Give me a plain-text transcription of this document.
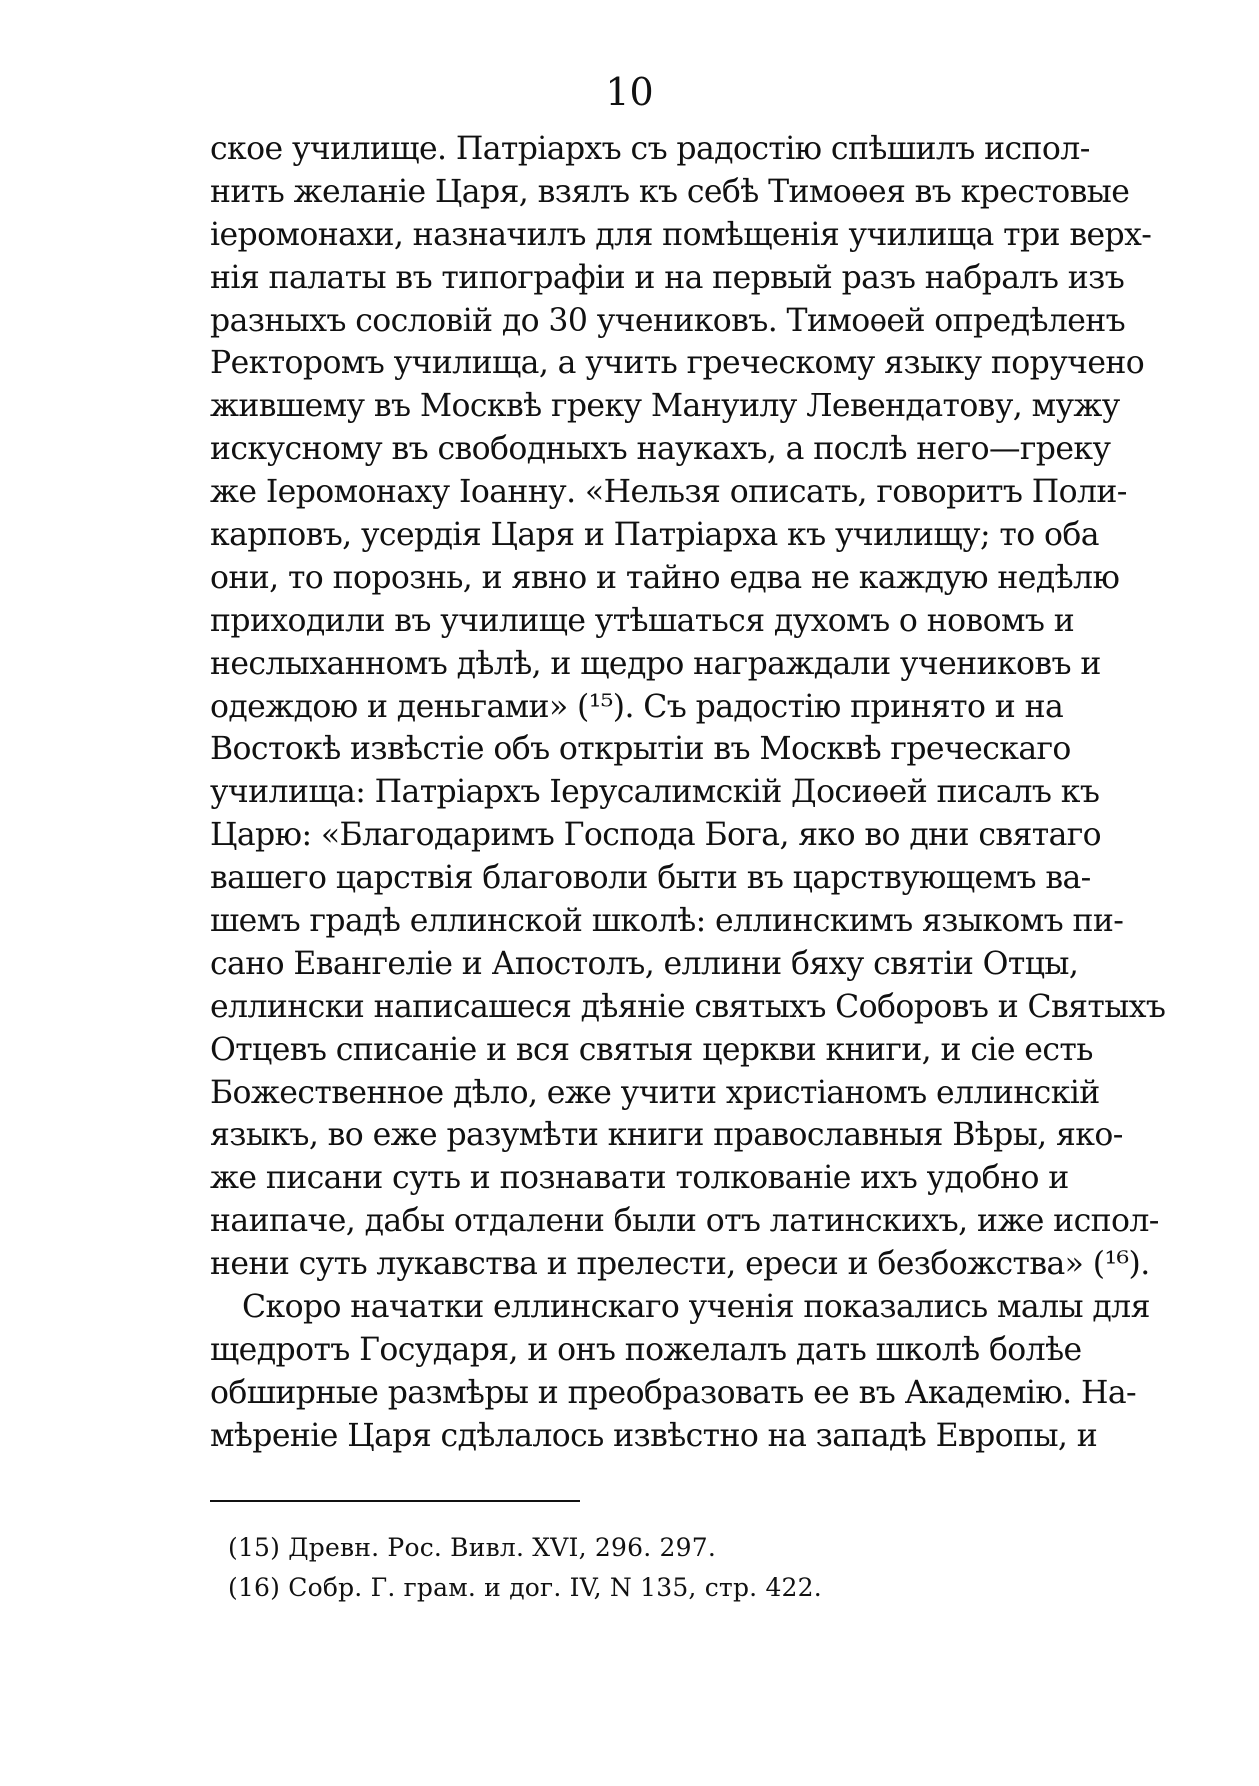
10
ское училище. Патріархъ съ радостію спѣшилъ испол-
нить желаніе Царя, взялъ къ себѣ Тимоѳея въ крестовые
іеромонахи, назначилъ для помѣщенія училища три верх-
нія палаты въ типографіи и на первый разъ набралъ изъ
разныхъ сословій до 30 учениковъ. Тимоѳей опредѣленъ
Ректоромъ училища, а учить греческому языку поручено
жившему въ Москвѣ греку Мануилу Левендатову, мужу
искусному въ свободныхъ наукахъ, а послѣ него—греку
же Іеромонаху Іоанну. «Нельзя описать, говоритъ Поли-
карповъ, усердія Царя и Патріарха къ училищу; то оба
они, то порознь, и явно и тайно едва не каждую недѣлю
приходили въ училище утѣшаться духомъ о новомъ и
неслыханномъ дѣлѣ, и щедро награждали учениковъ и
одеждою и деньгами» (¹⁵). Съ радостію принято и на
Востокѣ извѣстіе объ открытіи въ Москвѣ греческаго
училища: Патріархъ Іерусалимскій Досиѳей писалъ къ
Царю: «Благодаримъ Господа Бога, яко во дни святаго
вашего царствія благоволи быти въ царствующемъ ва-
шемъ градѣ еллинской школѣ: еллинскимъ языкомъ пи-
сано Евангеліе и Апостолъ, еллини бяху святіи Отцы,
еллински написашеся дѣяніе святыхъ Соборовъ и Святыхъ
Отцевъ списаніе и вся святыя церкви книги, и сіе есть
Божественное дѣло, еже учити христіаномъ еллинскій
языкъ, во еже разумѣти книги православныя Вѣры, яко-
же писани суть и познавати толкованіе ихъ удобно и
наипаче, дабы отдалени были отъ латинскихъ, иже испол-
нени суть лукавства и прелести, ереси и безбожства» (¹⁶).
Скоро начатки еллинскаго ученія показались малы для
щедротъ Государя, и онъ пожелалъ дать школѣ болѣе
обширные размѣры и преобразовать ее въ Академію. На-
мѣреніе Царя сдѣлалось извѣстно на западѣ Европы, и
(15) Древн. Рос. Вивл. XVI, 296. 297.
(16) Собр. Г. грам. и дог. IV, N 135, стр. 422.
